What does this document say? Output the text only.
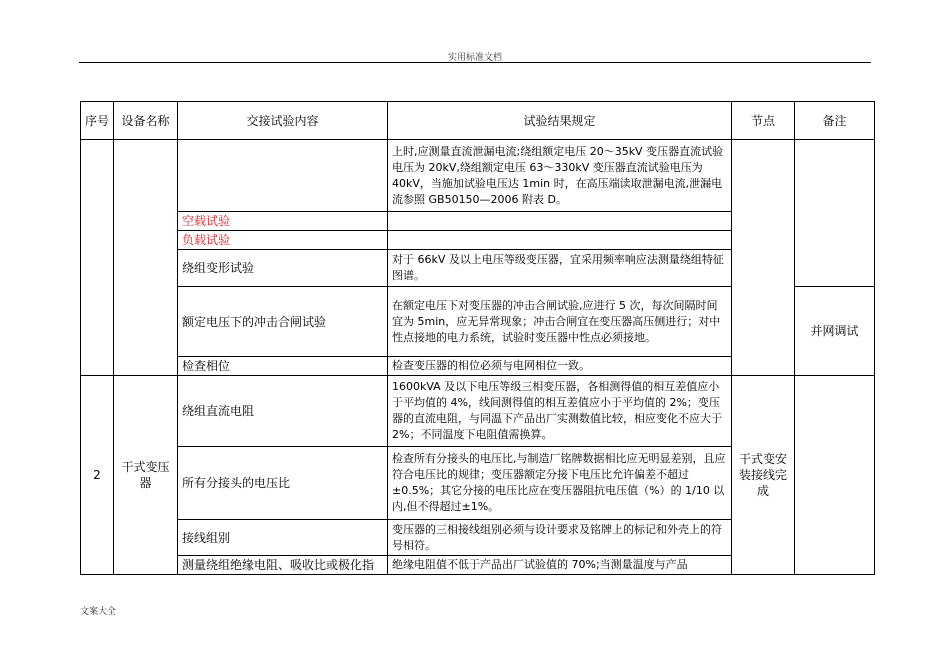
实用标准文档
序号	设备名称	交接试验内容	试验结果规定	节点	备注
			上时,应测量直流泄漏电流;绕组额定电压 20～35kV 变压器直流试验电压为 20kV,绕组额定电压 63～330kV 变压器直流试验电压为 40kV，当施加试验电压达 1min 时，在高压端读取泄漏电流,泄漏电流参照 GB50150—2006 附表 D。		
		空载试验			
		负载试验			
		绕组变形试验	对于 66kV 及以上电压等级变压器，宜采用频率响应法测量绕组特征图谱。		
		额定电压下的冲击合闸试验	在额定电压下对变压器的冲击合闸试验,应进行 5 次，每次间隔时间宜为 5min，应无异常现象；冲击合闸宜在变压器高压侧进行；对中性点接地的电力系统，试验时变压器中性点必须接地。		并网调试
		检查相位	检查变压器的相位必须与电网相位一致。		
2	干式变压器	绕组直流电阻	1600kVA 及以下电压等级三相变压器，各相测得值的相互差值应小于平均值的 4%，线间测得值的相互差值应小于平均值的 2%；变压器的直流电阻，与同温下产品出厂实测数值比较，相应变化不应大于 2%；不同温度下电阻值需换算。	干式变安装接线完成	
		所有分接头的电压比	检查所有分接头的电压比,与制造厂铭牌数据相比应无明显差别，且应符合电压比的规律；变压器额定分接下电压比允许偏差不超过±0.5%；其它分接的电压比应在变压器阻抗电压值（%）的 1/10 以内,但不得超过±1%。		
		接线组别	变压器的三相接线组别必须与设计要求及铭牌上的标记和外壳上的符号相符。		
		测量绕组绝缘电阻、吸收比或极化指	绝缘电阻值不低于产品出厂试验值的 70%;当测量温度与产品		
文案大全
